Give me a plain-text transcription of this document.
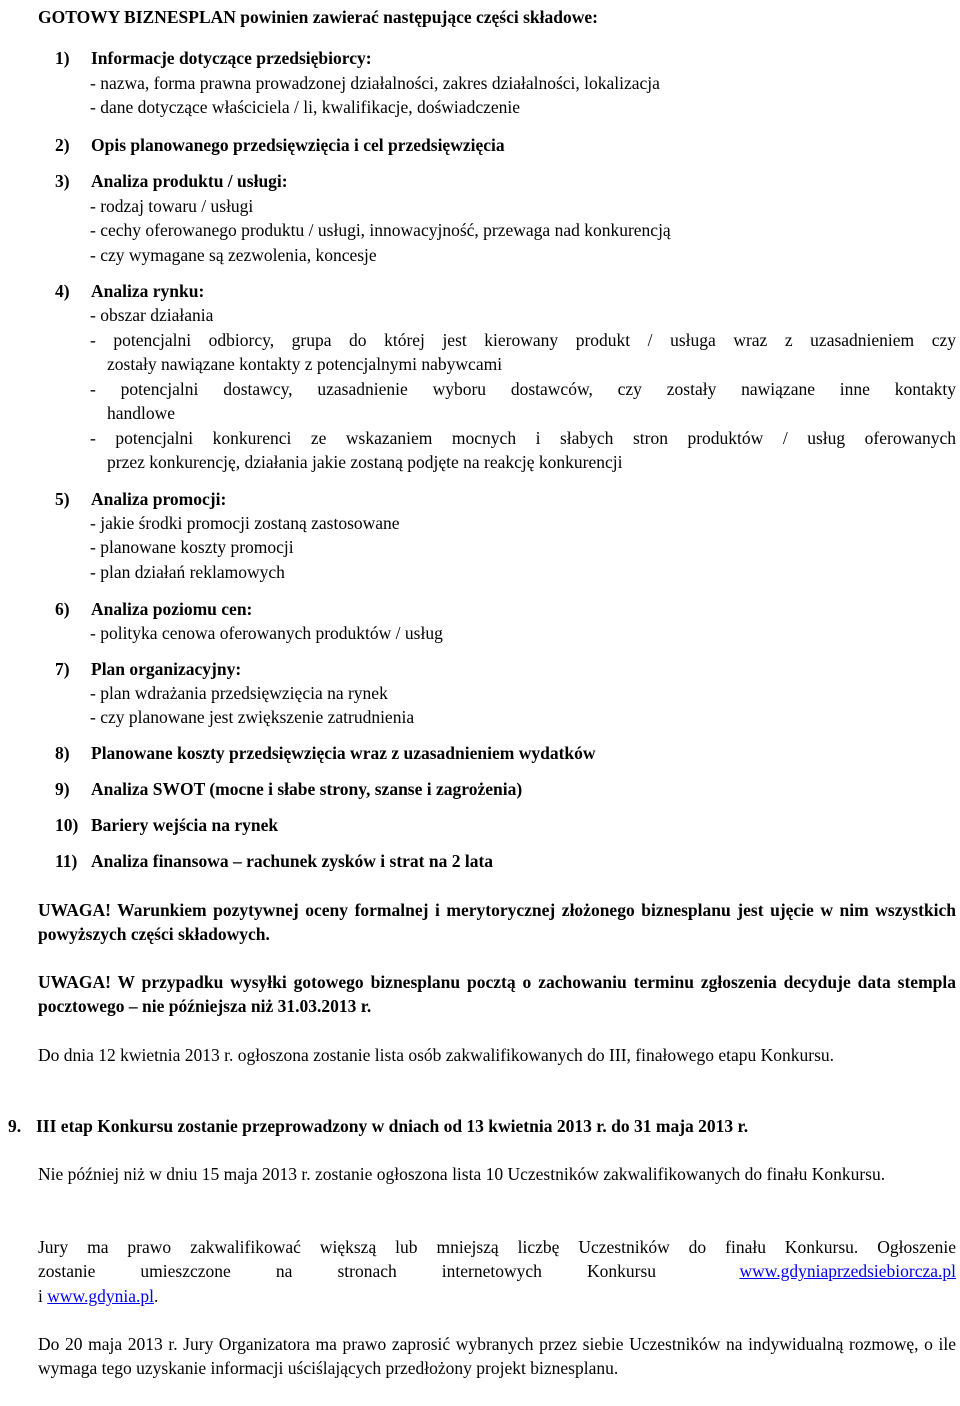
GOTOWY BIZNESPLAN powinien zawierać następujące części składowe:

1) Informacje dotyczące przedsiębiorcy:

- nazwa, forma prawna prowadzonej działalności, zakres działalności, lokalizacja

- dane dotyczące właściciela / li, kwalifikacje, doświadczenie

2) Opis planowanego przedsięwzięcia i cel przedsięwzięcia

3) Analiza produktu / usługi:

- rodzaj towaru / usługi

- cechy oferowanego produktu / usługi, innowacyjność, przewaga nad konkurencją

- czy wymagane są zezwolenia, koncesje

4) Analiza rynku:

- obszar działania

- potencjalni odbiorcy, grupa do której jest kierowany produkt / usługa wraz z uzasadnieniem czy

zostały nawiązane kontakty z potencjalnymi nabywcami

- potencjalni dostawcy, uzasadnienie wyboru dostawców, czy zostały nawiązane inne kontakty

handlowe

- potencjalni konkurenci ze wskazaniem mocnych i słabych stron produktów / usług oferowanych

przez konkurencję, działania jakie zostaną podjęte na reakcję konkurencji

5) Analiza promocji:

- jakie środki promocji zostaną zastosowane

- planowane koszty promocji

- plan działań reklamowych

6) Analiza poziomu cen:

- polityka cenowa oferowanych produktów / usług

7) Plan organizacyjny:

- plan wdrażania przedsięwzięcia na rynek

- czy planowane jest zwiększenie zatrudnienia

8) Planowane koszty przedsięwzięcia wraz z uzasadnieniem wydatków

9) Analiza SWOT (mocne i słabe strony, szanse i zagrożenia)

10) Bariery wejścia na rynek

11) Analiza finansowa – rachunek zysków i strat na 2 lata

UWAGA! Warunkiem pozytywnej oceny formalnej i merytorycznej złożonego biznesplanu jest ujęcie w nim wszystkich powyższych części składowych.

UWAGA! W przypadku wysyłki gotowego biznesplanu pocztą o zachowaniu terminu zgłoszenia decyduje data stempla pocztowego – nie późniejsza niż 31.03.2013 r.

Do dnia 12 kwietnia 2013 r. ogłoszona zostanie lista osób zakwalifikowanych do III, finałowego etapu Konkursu.

9. III etap Konkursu zostanie przeprowadzony w dniach od 13 kwietnia 2013 r. do 31 maja 2013 r.

Nie później niż w dniu 15 maja 2013 r. zostanie ogłoszona lista 10 Uczestników zakwalifikowanych do finału Konkursu.

Jury ma prawo zakwalifikować większą lub mniejszą liczbę Uczestników do finału Konkursu. Ogłoszenie

zostanie umieszczone na stronach internetowych Konkursu	www.gdyniaprzedsiebiorcza.pl

i www.gdynia.pl.

Do 20 maja 2013 r. Jury Organizatora ma prawo zaprosić wybranych przez siebie Uczestników na indywidualną rozmowę, o ile wymaga tego uzyskanie informacji uściślających przedłożony projekt biznesplanu.
